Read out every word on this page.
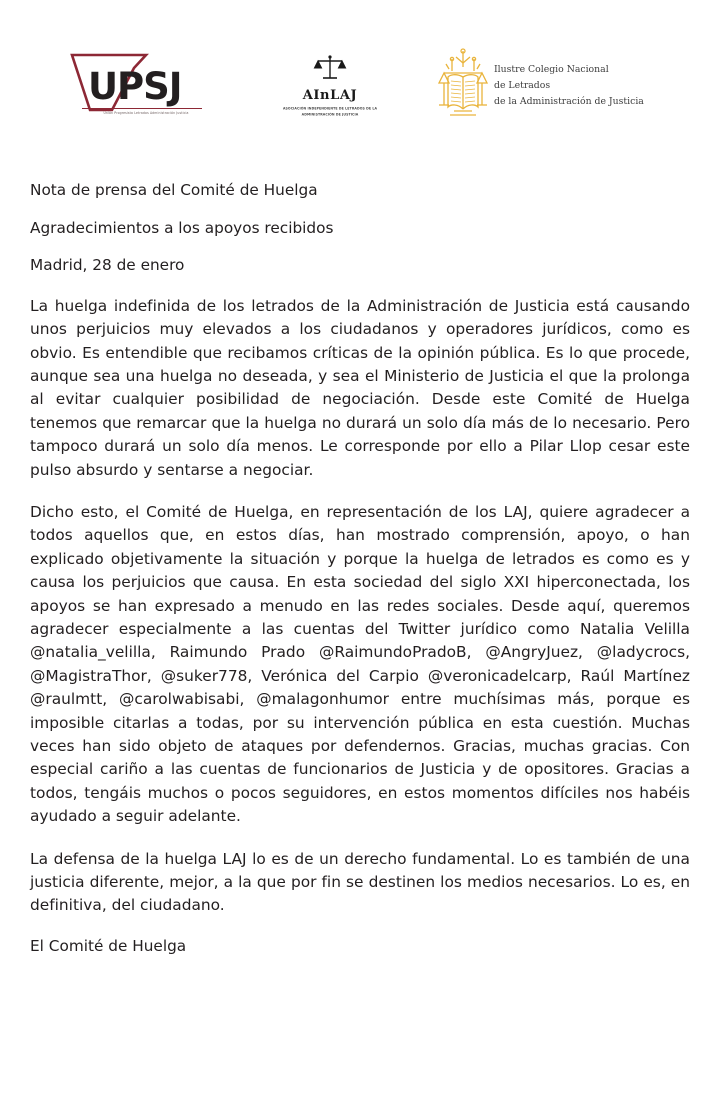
UPSJ
Unión Progresista Letrados Administración Justicia
AInLAJ
ASOCIACIÓN INDEPENDIENTE DE LETRADOS DE LA
ADMINISTRACIÓN DE JUSTICIA
Ilustre Colegio Nacional
de Letrados
de la Administración de Justicia

Nota de prensa del Comité de Huelga

Agradecimientos a los apoyos recibidos

Madrid, 28 de enero

La huelga indefinida de los letrados de la Administración de Justicia está causando unos perjuicios muy elevados a los ciudadanos y operadores jurídicos, como es obvio. Es entendible que recibamos críticas de la opinión pública. Es lo que procede, aunque sea una huelga no deseada, y sea el Ministerio de Justicia el que la prolonga al evitar cualquier posibilidad de negociación. Desde este Comité de Huelga tenemos que remarcar que la huelga no durará un solo día más de lo necesario. Pero tampoco durará un solo día menos. Le corresponde por ello a Pilar Llop cesar este pulso absurdo y sentarse a negociar.

Dicho esto, el Comité de Huelga, en representación de los LAJ, quiere agradecer a todos aquellos que, en estos días, han mostrado comprensión, apoyo, o han explicado objetivamente la situación y porque la huelga de letrados es como es y causa los perjuicios que causa. En esta sociedad del siglo XXI hiperconectada, los apoyos se han expresado a menudo en las redes sociales. Desde aquí, queremos agradecer especialmente a las cuentas del Twitter jurídico como Natalia Velilla @natalia_velilla, Raimundo Prado @RaimundoPradoB, @AngryJuez, @ladycrocs, @MagistraThor, @suker778, Verónica del Carpio @veronicadelcarp, Raúl Martínez @raulmtt, @carolwabisabi, @malagonhumor entre muchísimas más, porque es imposible citarlas a todas, por su intervención pública en esta cuestión. Muchas veces han sido objeto de ataques por defendernos. Gracias, muchas gracias. Con especial cariño a las cuentas de funcionarios de Justicia y de opositores. Gracias a todos, tengáis muchos o pocos seguidores, en estos momentos difíciles nos habéis ayudado a seguir adelante.

La defensa de la huelga LAJ lo es de un derecho fundamental. Lo es también de una justicia diferente, mejor, a la que por fin se destinen los medios necesarios. Lo es, en definitiva, del ciudadano.

El Comité de Huelga
